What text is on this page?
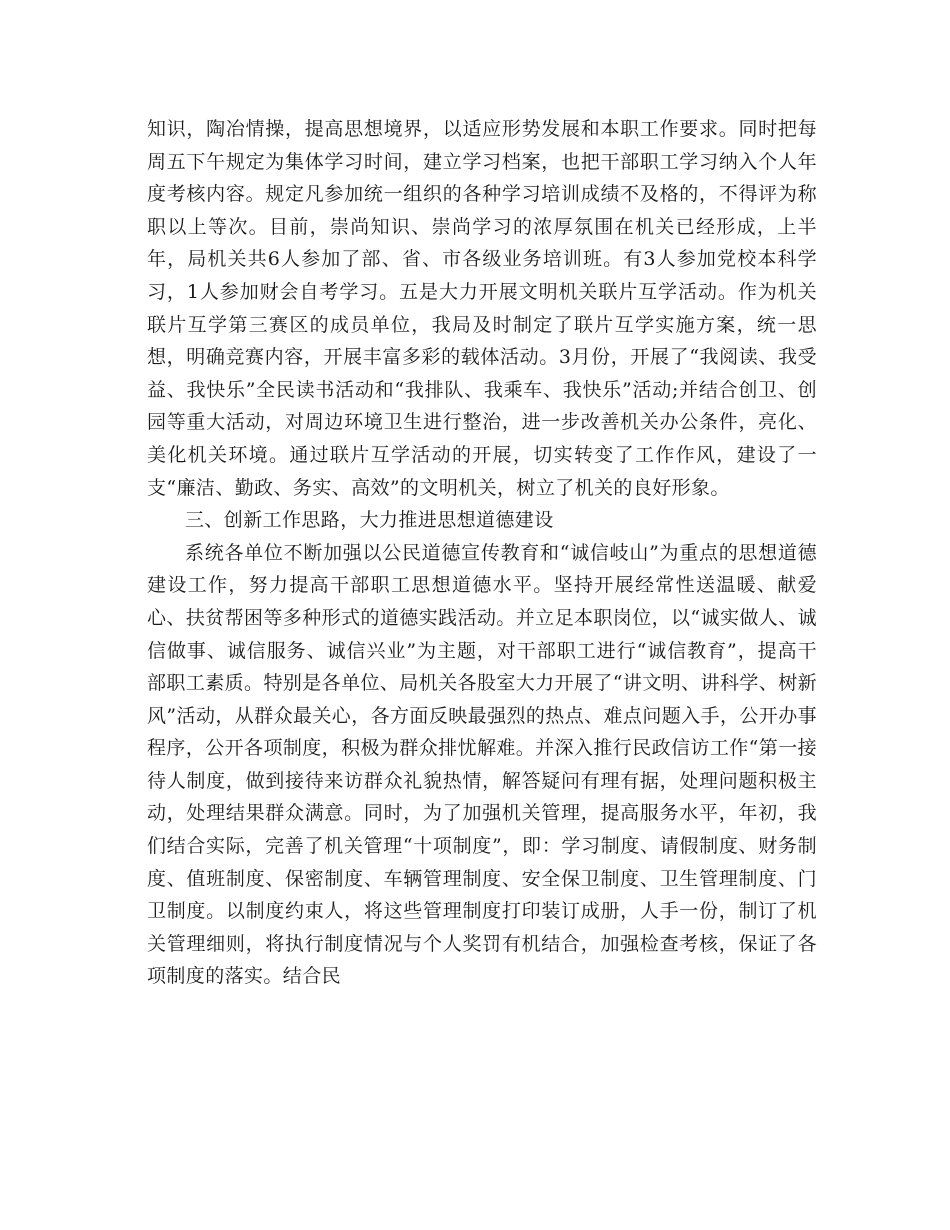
知识，陶冶情操，提高思想境界，以适应形势发展和本职工作要求。同时把每周五下午规定为集体学习时间，建立学习档案，也把干部职工学习纳入个人年度考核内容。规定凡参加统一组织的各种学习培训成绩不及格的，不得评为称职以上等次。目前，崇尚知识、崇尚学习的浓厚氛围在机关已经形成，上半年，局机关共6人参加了部、省、市各级业务培训班。有3人参加党校本科学习，1人参加财会自考学习。五是大力开展文明机关联片互学活动。作为机关联片互学第三赛区的成员单位，我局及时制定了联片互学实施方案，统一思想，明确竞赛内容，开展丰富多彩的载体活动。3月份，开展了“我阅读、我受益、我快乐”全民读书活动和“我排队、我乘车、我快乐”活动;并结合创卫、创园等重大活动，对周边环境卫生进行整治，进一步改善机关办公条件，亮化、美化机关环境。通过联片互学活动的开展，切实转变了工作作风，建设了一支“廉洁、勤政、务实、高效”的文明机关，树立了机关的良好形象。

三、创新工作思路，大力推进思想道德建设

系统各单位不断加强以公民道德宣传教育和“诚信岐山”为重点的思想道德建设工作，努力提高干部职工思想道德水平。坚持开展经常性送温暖、献爱心、扶贫帮困等多种形式的道德实践活动。并立足本职岗位，以“诚实做人、诚信做事、诚信服务、诚信兴业”为主题，对干部职工进行“诚信教育”，提高干部职工素质。特别是各单位、局机关各股室大力开展了“讲文明、讲科学、树新风”活动，从群众最关心，各方面反映最强烈的热点、难点问题入手，公开办事程序，公开各项制度，积极为群众排忧解难。并深入推行民政信访工作“第一接待人制度，做到接待来访群众礼貌热情，解答疑问有理有据，处理问题积极主动，处理结果群众满意。同时，为了加强机关管理，提高服务水平，年初，我们结合实际，完善了机关管理“十项制度”，即：学习制度、请假制度、财务制度、值班制度、保密制度、车辆管理制度、安全保卫制度、卫生管理制度、门卫制度。以制度约束人，将这些管理制度打印装订成册，人手一份，制订了机关管理细则，将执行制度情况与个人奖罚有机结合，加强检查考核，保证了各项制度的落实。结合民
